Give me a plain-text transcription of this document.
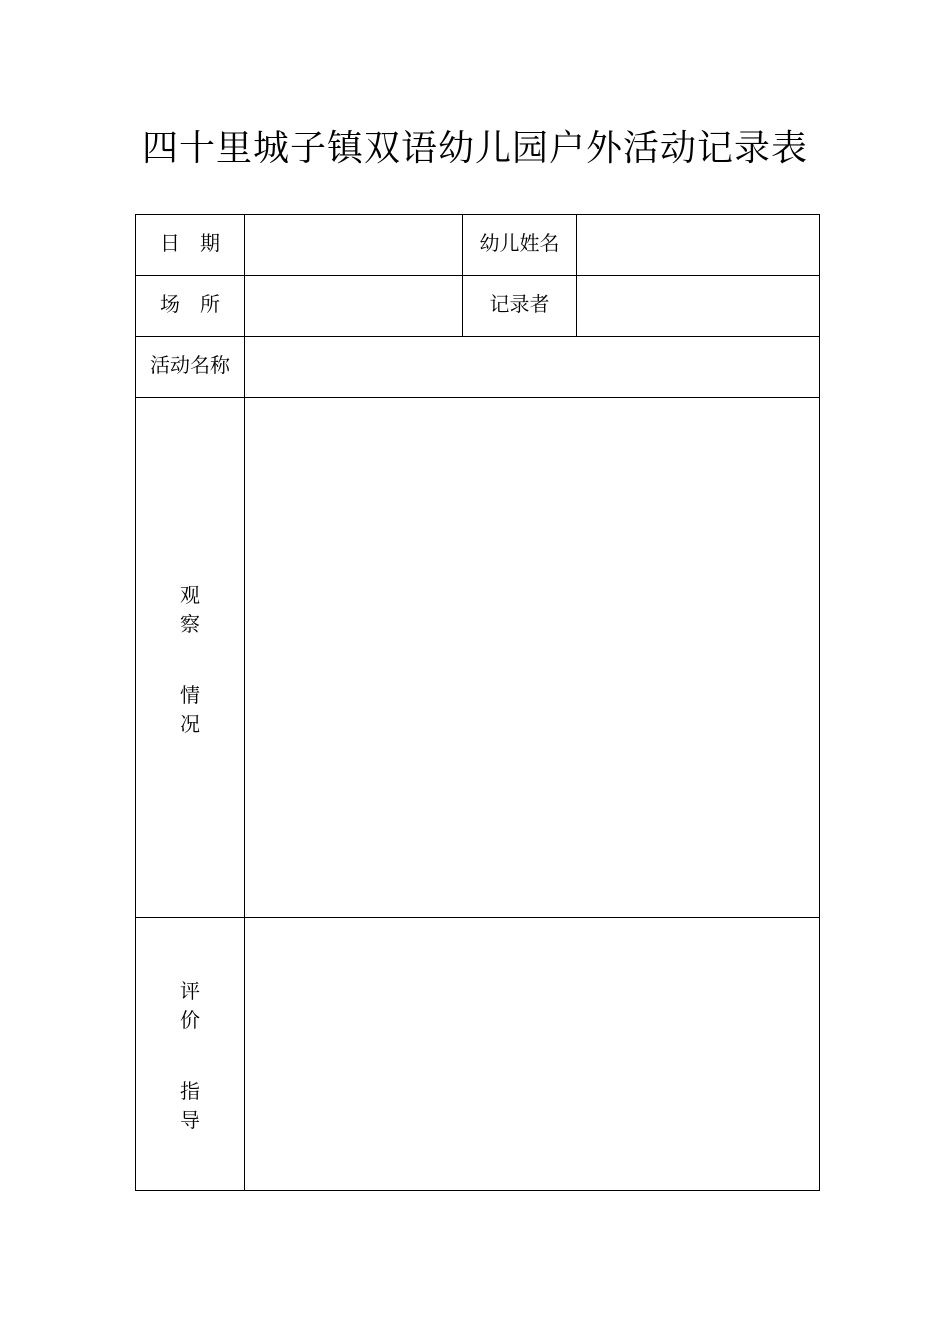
四十里城子镇双语幼儿园户外活动记录表
日　期		幼儿姓名	

场　所		记录者	

活动名称			

观 察
情 况			

评 价
指 导			
